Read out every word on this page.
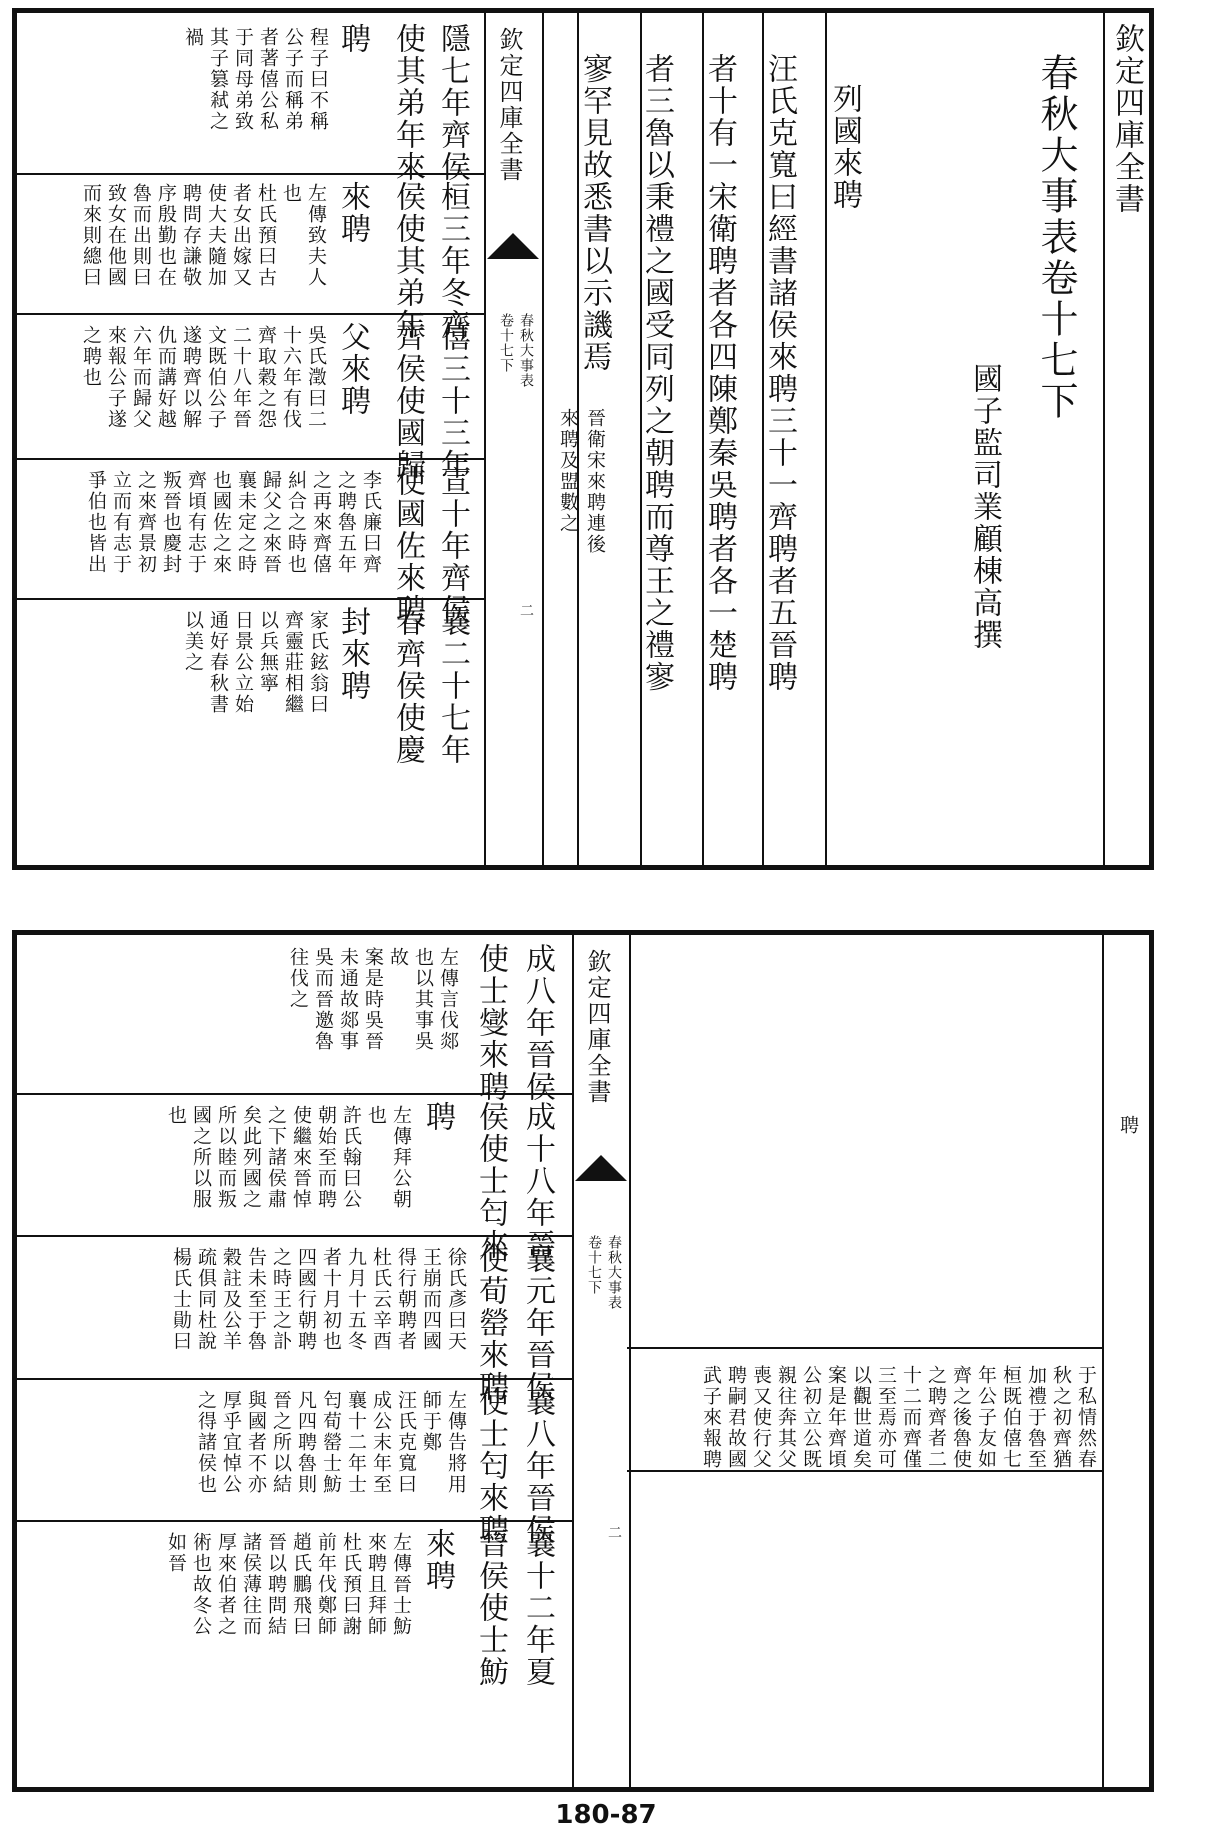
欽定四庫全書
春秋大事表卷十七下
國子監司業顧棟高撰
列國來聘
汪氏克寬曰經書諸侯來聘三十一齊聘者五晉聘
者十有一宋衛聘者各四陳鄭秦吳聘者各一楚聘
者三魯以秉禮之國受同列之朝聘而尊王之禮寥
寥罕見故悉書以示譏焉
晉衛宋來聘連後
來聘及盟數之
欽定四庫全書
春秋大事表
卷十七下
二
隱七年齊侯
使其弟年來
聘
程子曰不稱
公子而稱弟
者著僖公私
于同母弟致
其子篡弒之
禍
桓三年冬齊
侯使其弟年
來聘
左傳致夫人
也
杜氏預曰古
者女出嫁又
使大夫隨加
聘問存謙敬
序殷勤也在
魯而出則曰
致女在他國
而來則總曰
僖三十三年
齊侯使國歸
父來聘
吳氏澂曰二
十六年有伐
齊取穀之怨
二十八年晉
文既伯公子
遂聘齊以解
仇而講好越
六年而歸父
來報公子遂
之聘也
宣十年齊侯
使國佐來聘
李氏廉曰齊
之聘魯五年
之再來齊僖
糾合之時也
歸父之來晉
襄未定之時
也國佐之來
齊頃有志于
叛晉也慶封
之來齊景初
立而有志于
爭伯也皆出
襄二十七年
春齊侯使慶
封來聘
家氏鉉翁曰
齊靈莊相繼
以兵無寧
日景公立始
通好春秋書
以美之
聘
于私情然春
秋之初齊猶
加禮于魯至
桓既伯僖七
年公子友如
齊之後魯使
之聘齊者二
十二而齊僅
三至焉亦可
以觀世道矣
案是年齊頃
公初立公既
親往奔其父
喪又使行父
聘嗣君故國
武子來報聘
欽定四庫全書
春秋大事表
卷十七下
二
成八年晉侯
使士燮來聘
左傳言伐郯
也以其事吳
故
案是時吳晉
未通故郯事
吳而晉邀魯
往伐之
成十八年晉
侯使士匄來
聘
左傳拜公朝
也
許氏翰曰公
朝始至而聘
使繼來晉悼
之下諸侯肅
矣此列國之
所以睦而叛
國之所以服
也
襄元年晉侯
使荀罃來聘
徐氏彥曰天
王崩而四國
得行朝聘者
杜氏云辛酉
九月十五冬
者十月初也
四國行朝聘
之時王之訃
告未至于魯
穀註及公羊
疏俱同杜說
楊氏士勛曰
襄八年晉侯
使士匄來聘
左傳告將用
師于鄭
汪氏克寬曰
成公末年至
襄十二年士
匄荀罃士魴
凡四聘魯則
晉之所以結
與國者不亦
厚乎宜悼公
之得諸侯也
襄十二年夏
晉侯使士魴
來聘
左傳晉士魴
來聘且拜師
杜氏預曰謝
前年伐鄭師
趙氏鵬飛曰
晉以聘問結
諸侯薄往而
厚來伯者之
術也故冬公
如晉
180-87
